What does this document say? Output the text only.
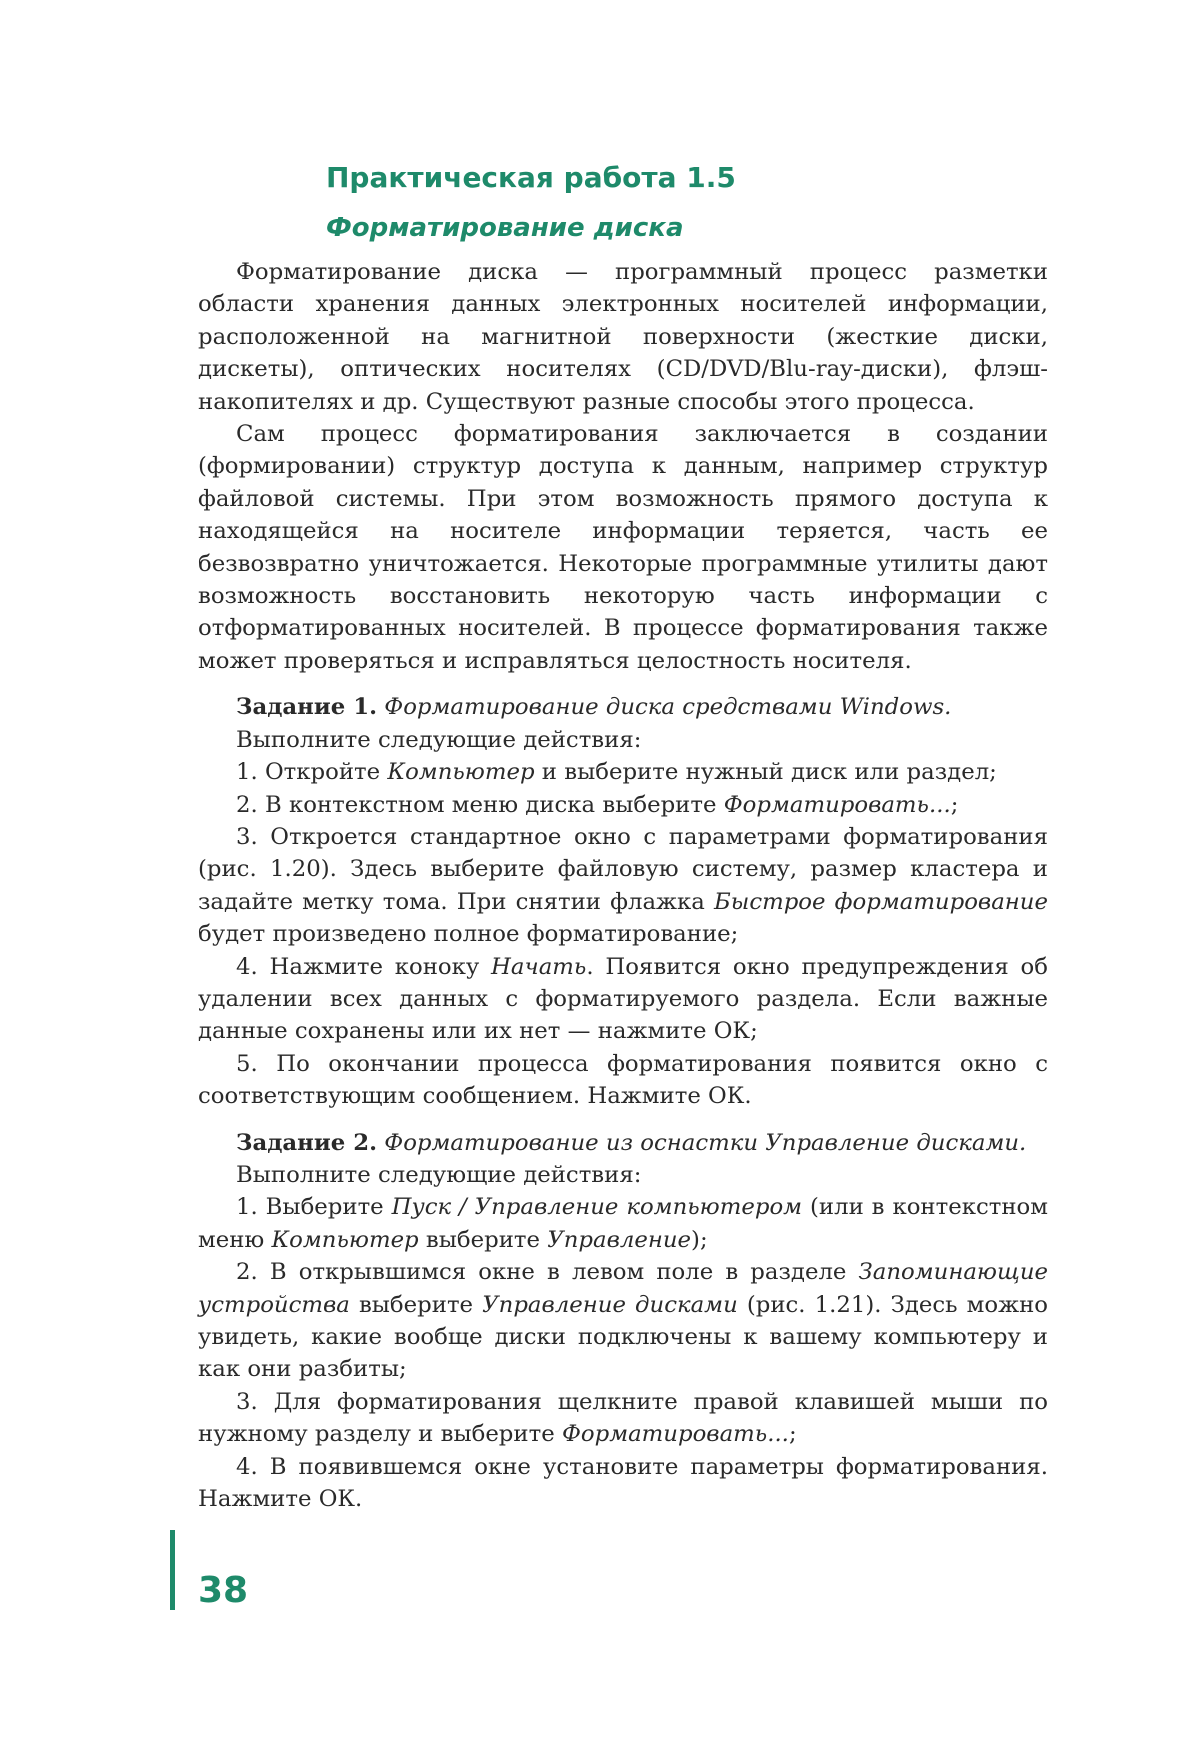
Практическая работа 1.5
Форматирование диска

Форматирование диска — программный процесс разметки области хранения данных электронных носителей информации, расположенной на магнитной поверхности (жесткие диски, дискеты), оптических носителях (CD/DVD/Blu-ray-диски), флэш-накопителях и др. Существуют разные способы этого процесса.

Сам процесс форматирования заключается в создании (формировании) структур доступа к данным, например структур файловой системы. При этом возможность прямого доступа к находящейся на носителе информации теряется, часть ее безвозвратно уничтожается. Некоторые программные утилиты дают возможность восстановить некоторую часть информации с отформатированных носителей. В процессе форматирования также может проверяться и исправляться целостность носителя.

Задание 1. Форматирование диска средствами Windows.

Выполните следующие действия:

1. Откройте Компьютер и выберите нужный диск или раздел;

2. В контекстном меню диска выберите Форматировать...;

3. Откроется стандартное окно с параметрами форматирования (рис. 1.20). Здесь выберите файловую систему, размер кластера и задайте метку тома. При снятии флажка Быстрое форматирование будет произведено полное форматирование;

4. Нажмите коноку Начать. Появится окно предупреждения об удалении всех данных с форматируемого раздела. Если важные данные сохранены или их нет — нажмите ОК;

5. По окончании процесса форматирования появится окно с соответствующим сообщением. Нажмите ОК.

Задание 2. Форматирование из оснастки Управление дисками.

Выполните следующие действия:

1. Выберите Пуск / Управление компьютером (или в контекстном меню Компьютер выберите Управление);

2. В открывшимся окне в левом поле в разделе Запоминающие устройства выберите Управление дисками (рис. 1.21). Здесь можно увидеть, какие вообще диски подключены к вашему компьютеру и как они разбиты;

3. Для форматирования щелкните правой клавишей мыши по нужному разделу и выберите Форматировать...;

4. В появившемся окне установите параметры форматирования. Нажмите ОК.

38
